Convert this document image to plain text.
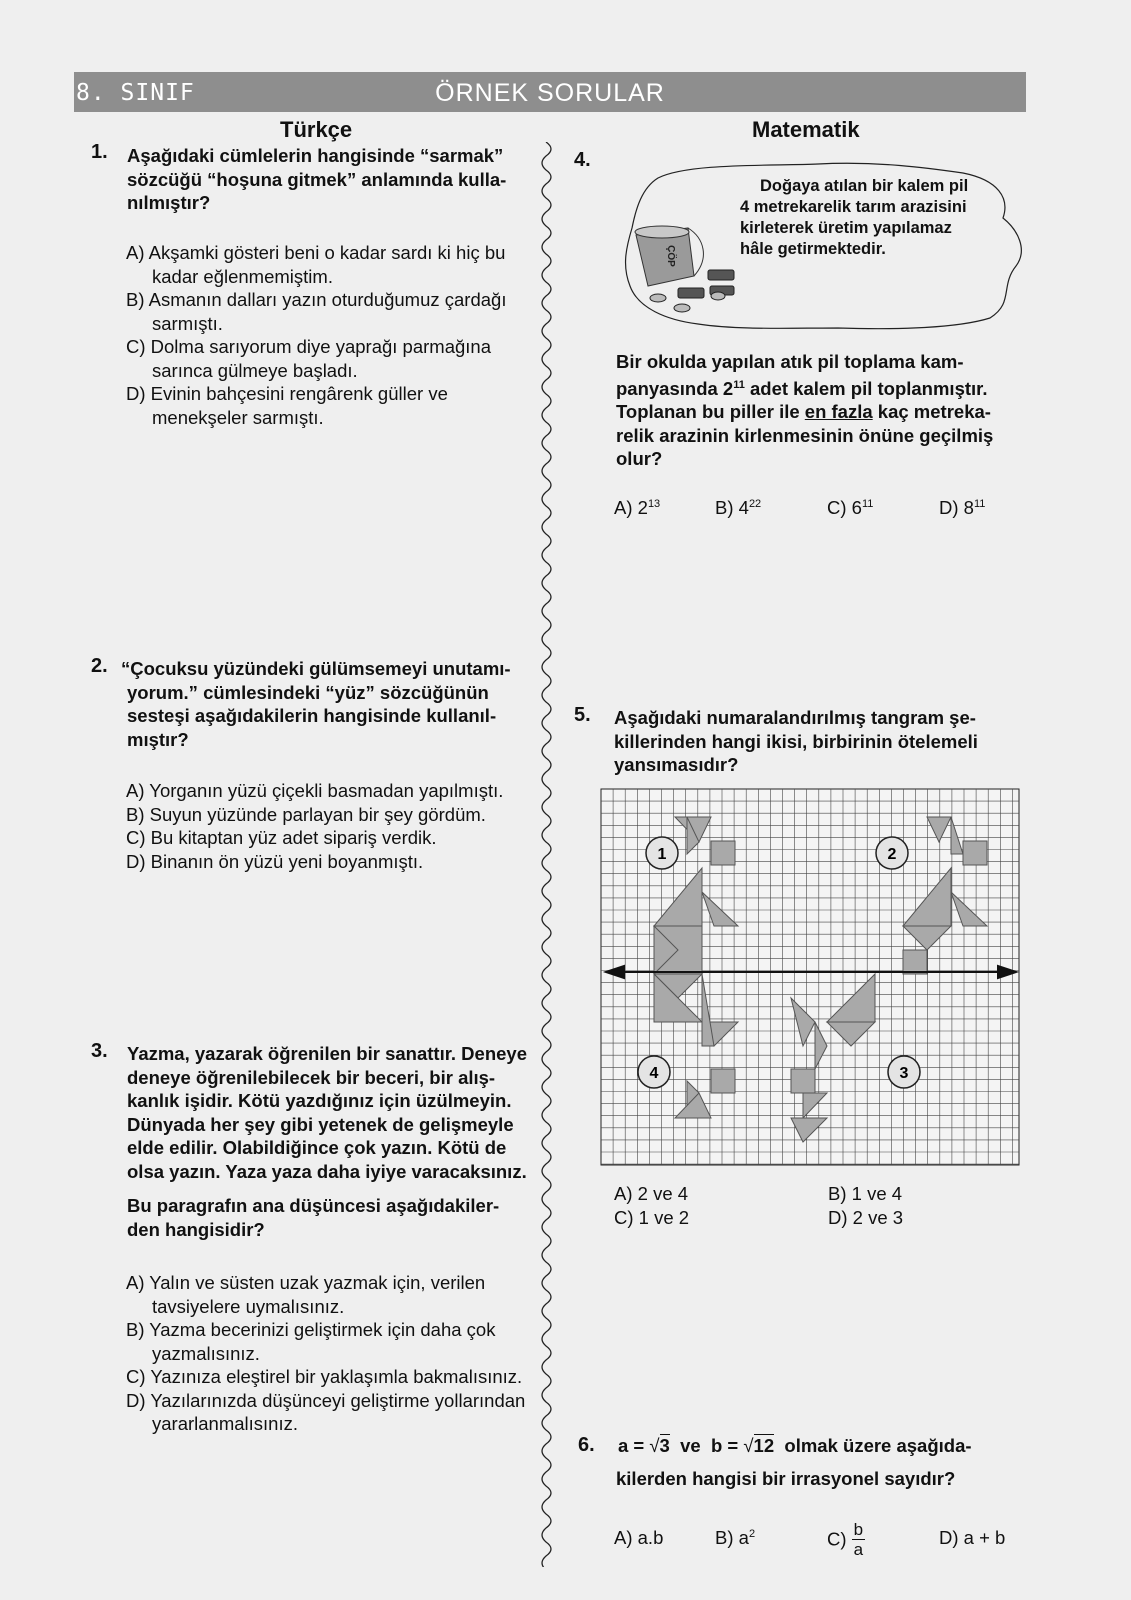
8. SINIF	ÖRNEK SORULAR
Türkçe	Matematik
1. Aşağıdaki cümlelerin hangisinde “sarmak”
sözcüğü “hoşuna gitmek” anlamında kulla-
nılmıştır?
A) Akşamki gösteri beni o kadar sardı ki hiç bu kadar eğlenmemiştim.
B) Asmanın dalları yazın oturduğumuz çardağı sarmıştı.
C) Dolma sarıyorum diye yaprağı parmağına sarınca gülmeye başladı.
D) Evinin bahçesini rengârenk güller ve menekşeler sarmıştı.
2. “Çocuksu yüzündeki gülümsemeyi unutamı-
yorum.” cümlesindeki “yüz” sözcüğünün
sesteşi aşağıdakilerin hangisinde kullanıl-
mıştır?
A) Yorganın yüzü çiçekli basmadan yapılmıştı.
B) Suyun yüzünde parlayan bir şey gördüm.
C) Bu kitaptan yüz adet sipariş verdik.
D) Binanın ön yüzü yeni boyanmıştı.
3. Yazma, yazarak öğrenilen bir sanattır. Deneye
deneye öğrenilebilecek bir beceri, bir alış-
kanlık işidir. Kötü yazdığınız için üzülmeyin.
Dünyada her şey gibi yetenek de gelişmeyle
elde edilir. Olabildiğince çok yazın. Kötü de
olsa yazın. Yaza yaza daha iyiye varacaksınız.
Bu paragrafın ana düşüncesi aşağıdakiler-
den hangisidir?
A) Yalın ve süsten uzak yazmak için, verilen tavsiyelere uymalısınız.
B) Yazma becerinizi geliştirmek için daha çok yazmalısınız.
C) Yazınıza eleştirel bir yaklaşımla bakmalısınız.
D) Yazılarınızda düşünceyi geliştirme yollarından yararlanmalısınız.
4.
ÇÖP
Doğaya atılan bir kalem pil
4 metrekarelik tarım arazisini
kirleterek üretim yapılamaz
hâle getirmektedir.
Bir okulda yapılan atık pil toplama kam-
panyasında $2^{11}$ adet kalem pil toplanmıştır.
Toplanan bu piller ile en fazla kaç metreka-
relik arazinin kirlenmesinin önüne geçilmiş
olur?
A) $2^{13}$	B) $4^{22}$	C) $6^{11}$	D) $8^{11}$
5. Aşağıdaki numaralandırılmış tangram şe-
killerinden hangi ikisi, birbirinin ötelemeli
yansımasıdır?
1	2
3
4
A) 2 ve 4	B) 1 ve 4
C) 1 ve 2	D) 2 ve 3
6. a = √3 ve b = √12 olmak üzere aşağıda-
kilerden hangisi bir irrasyonel sayıdır?
A) a.b	B) $a^2$	$C) \frac{b}{a}$	D) a + b
